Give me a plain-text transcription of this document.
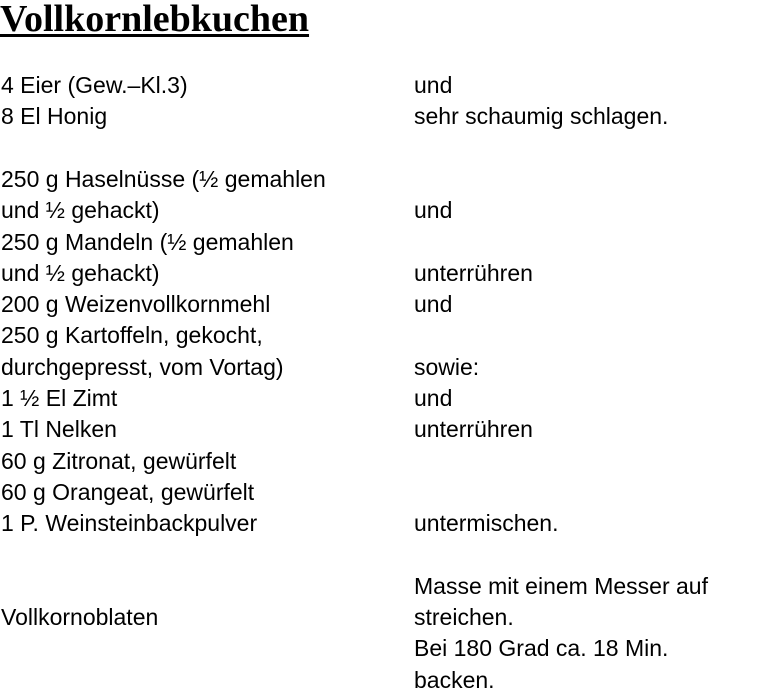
Vollkornlebkuchen
4 Eier (Gew.–Kl.3)	und
8 El Honig	sehr schaumig schlagen.
250 g Haselnüsse (½ gemahlen
und ½ gehackt)	und
250 g Mandeln (½ gemahlen
und ½ gehackt)	unterrühren
200 g Weizenvollkornmehl	und
250 g Kartoffeln, gekocht,
durchgepresst, vom Vortag)	sowie:
1 ½ El Zimt	und
1 Tl Nelken	unterrühren
60 g Zitronat, gewürfelt
60 g Orangeat, gewürfelt
1 P. Weinsteinbackpulver	untermischen.
Masse mit einem Messer auf
Vollkornoblaten	streichen.
Bei 180 Grad ca. 18 Min.
backen.
